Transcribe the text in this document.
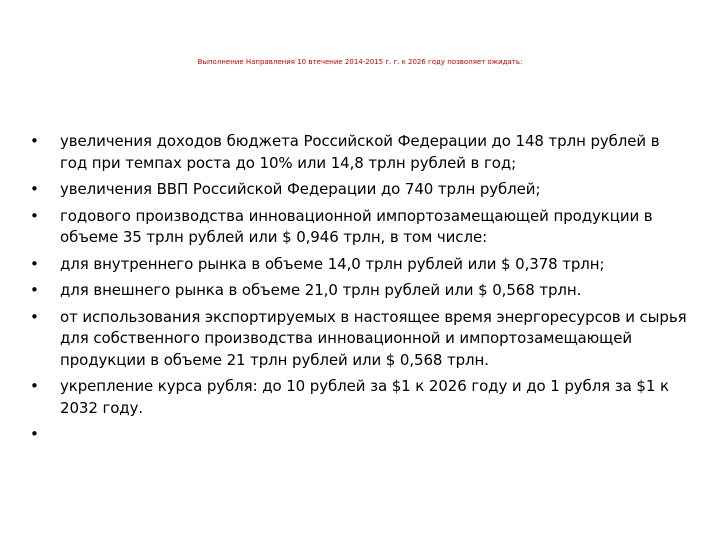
Выполнение Направления 10 втечение 2014-2015 г. г. к 2026 году позволяет ожидать:
• увеличения доходов бюджета Российской Федерации до 148 трлн рублей в год при темпах роста до 10% или 14,8 трлн рублей в год;
• увеличения ВВП Российской Федерации до 740 трлн рублей;
• годового производства инновационной импортозамещающей продукции в объеме 35 трлн рублей или $ 0,946 трлн, в том числе:
• для внутреннего рынка в объеме 14,0 трлн рублей или $ 0,378 трлн;
• для внешнего рынка в объеме 21,0 трлн рублей или $ 0,568 трлн.
• от использования экспортируемых в настоящее время энергоресурсов и сырья для собственного производства инновационной и импортозамещающей продукции в объеме 21 трлн рублей или $ 0,568 трлн.
• укрепление курса рубля: до 10 рублей за $1 к 2026 году и до 1 рубля за $1 к 2032 году.
•
